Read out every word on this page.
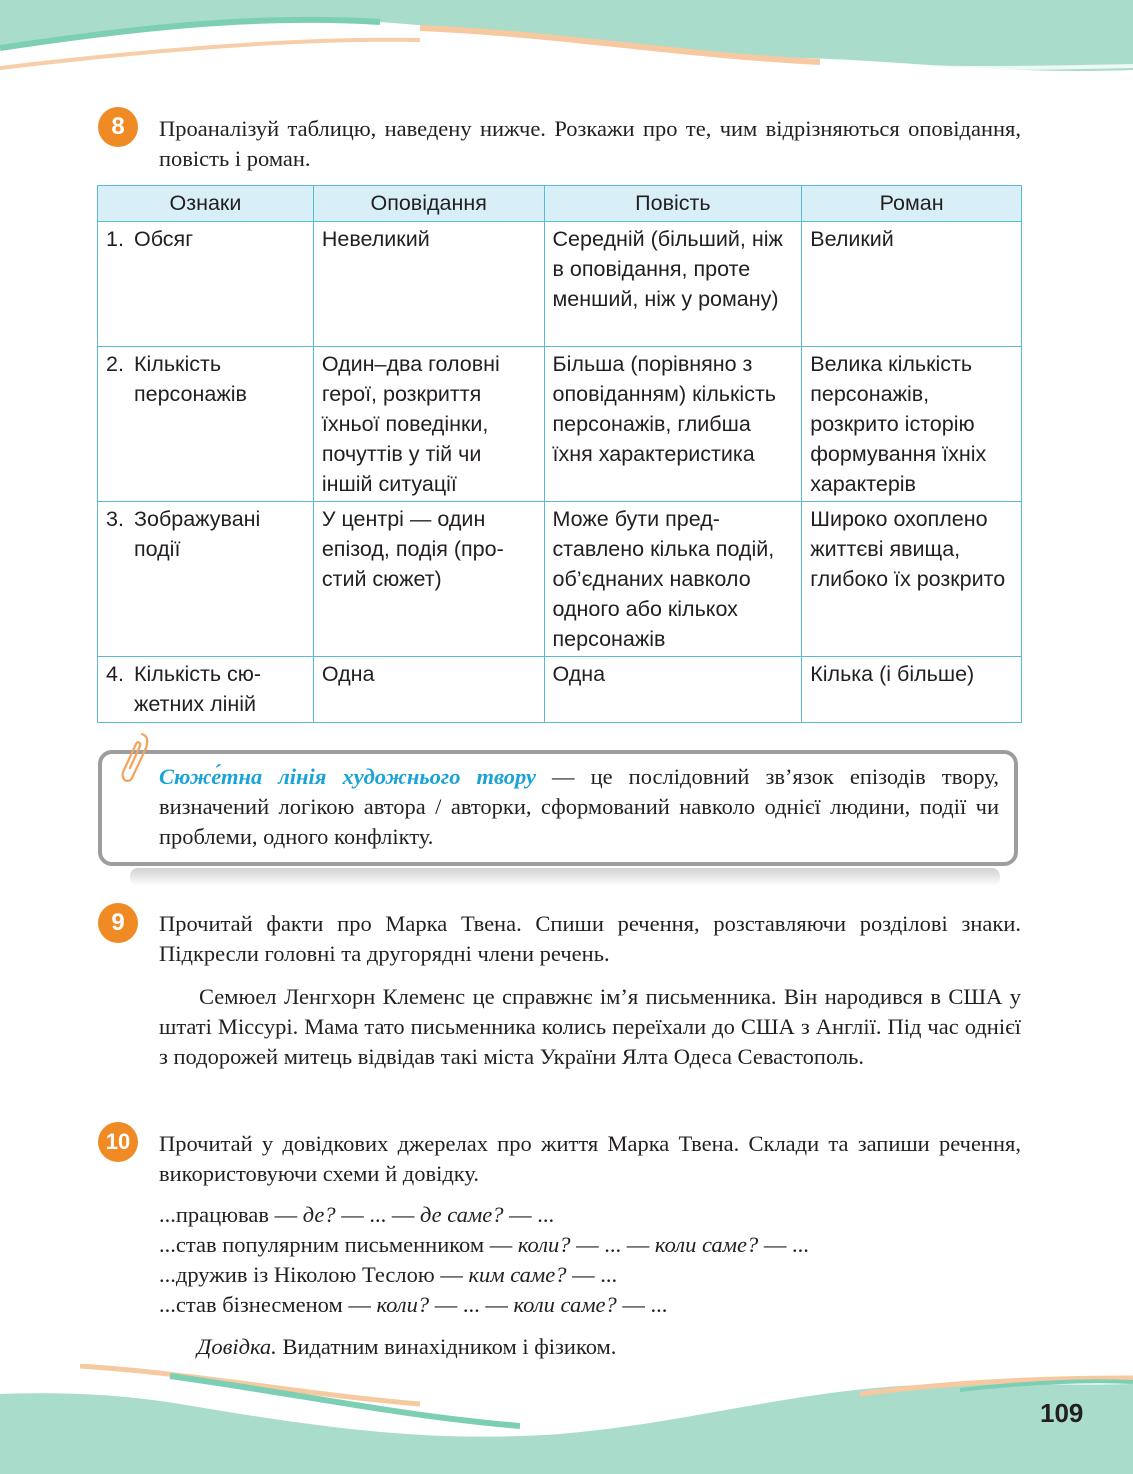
8	Проаналізуй таблицю, наведену нижче. Розкажи про те, чим відрізняються оповідання, повість і роман.
Ознаки	Оповідання	Повість	Роман

1. Обсяг	Невеликий	Середній (більший, ніж в оповідання, проте менший, ніж у роману)	Великий

2. Кількість персонажів	Один–два головні герої, розкриття їхньої поведінки, почуттів у тій чи іншій ситуації	Більша (порівняно з оповіданням) кількість персонажів, глибша їхня характеристика	Велика кількість персонажів, розкрито історію формування їхніх характерів

3. Зображувані події	У центрі — один епізод, подія (простий сюжет)	Може бути представлено кілька подій, об’єднаних навколо одного або кількох персонажів	Широко охоплено життєві явища, глибоко їх розкрито

4. Кількість сюжетних ліній	Одна	Одна	Кілька (і більше)
Сюже́тна лінія художнього твору — це послідовний зв’язок епізодів твору, визначений логікою автора / авторки, сформований навколо однієї людини, події чи проблеми, одного конфлікту.
9	Прочитай факти про Марка Твена. Спиши речення, розставляючи розділові знаки. Підкресли головні та другорядні члени речень.
Семюел Ленгхорн Клеменс це справжнє ім’я письменника. Він народився в США у штаті Міссурі. Мама тато письменника колись переїхали до США з Англії. Під час однієї з подорожей митець відвідав такі міста України Ялта Одеса Севастополь.
10	Прочитай у довідкових джерелах про життя Марка Твена. Склади та запиши речення, використовуючи схеми й довідку.
...працював — де? — ... — де саме? — ...
...став популярним письменником — коли? — ... — коли саме? — ...
...дружив із Ніколою Теслою — ким саме? — ...
...став бізнесменом — коли? — ... — коли саме? — ...
Довідка. Видатним винахідником і фізиком.
109
